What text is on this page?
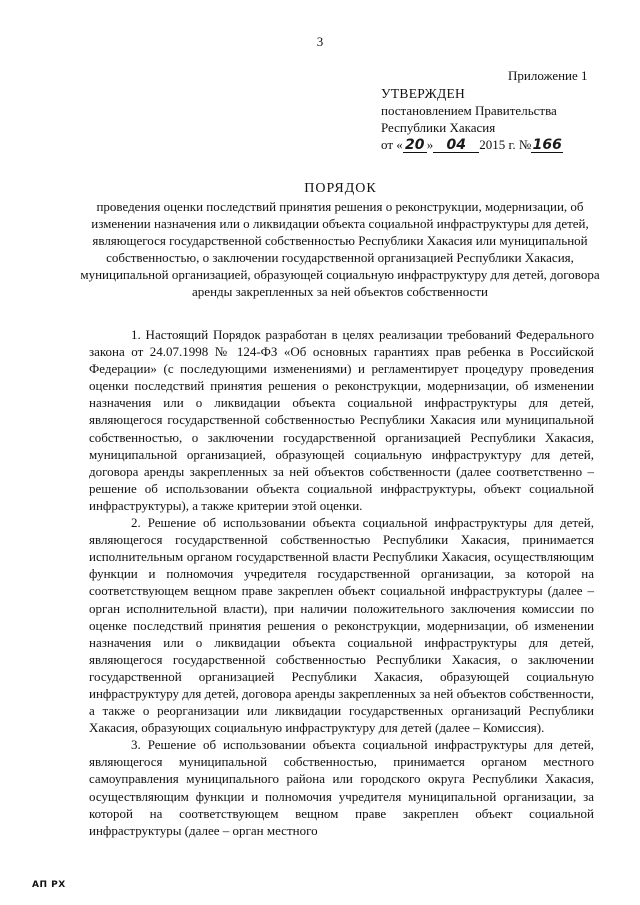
3
Приложение 1
УТВЕРЖДЕН
постановлением Правительства
Республики Хакасия
от « 20 » 04 2015 г. №166
ПОРЯДОК
проведения оценки последствий принятия решения о реконструкции, модернизации, об изменении назначения или о ликвидации объекта социальной инфраструктуры для детей, являющегося государственной собственностью Республики Хакасия или муниципальной собственностью, о заключении государственной организацией Республики Хакасия, муниципальной организацией, образующей социальную инфраструктуру для детей, договора аренды закрепленных за ней объектов собственности

1. Настоящий Порядок разработан в целях реализации требований Федерального закона от 24.07.1998 № 124-ФЗ «Об основных гарантиях прав ребенка в Российской Федерации» (с последующими изменениями) и регламентирует процедуру проведения оценки последствий принятия решения о реконструкции, модернизации, об изменении назначения или о ликвидации объекта социальной инфраструктуры для детей, являющегося государственной собственностью Республики Хакасия или муниципальной собственностью, о заключении государственной организацией Республики Хакасия, муниципальной организацией, образующей социальную инфраструктуру для детей, договора аренды закрепленных за ней объектов собственности (далее соответственно – решение об использовании объекта социальной инфраструктуры, объект социальной инфраструктуры), а также критерии этой оценки.

2. Решение об использовании объекта социальной инфраструктуры для детей, являющегося государственной собственностью Республики Хакасия, принимается исполнительным органом государственной власти Республики Хакасия, осуществляющим функции и полномочия учредителя государственной организации, за которой на соответствующем вещном праве закреплен объект социальной инфраструктуры (далее – орган исполнительной власти), при наличии положительного заключения комиссии по оценке последствий принятия решения о реконструкции, модернизации, об изменении назначения или о ликвидации объекта социальной инфраструктуры для детей, являющегося государственной собственностью Республики Хакасия, о заключении государственной организацией Республики Хакасия, образующей социальную инфраструктуру для детей, договора аренды закрепленных за ней объектов собственности, а также о реорганизации или ликвидации государственных организаций Республики Хакасия, образующих социальную инфраструктуру для детей (далее – Комиссия).

3. Решение об использовании объекта социальной инфраструктуры для детей, являющегося муниципальной собственностью, принимается органом местного самоуправления муниципального района или городского округа Республики Хакасия, осуществляющим функции и полномочия учредителя муниципальной организации, за которой на соответствующем вещном праве закреплен объект социальной инфраструктуры (далее – орган местного

АП РХ
